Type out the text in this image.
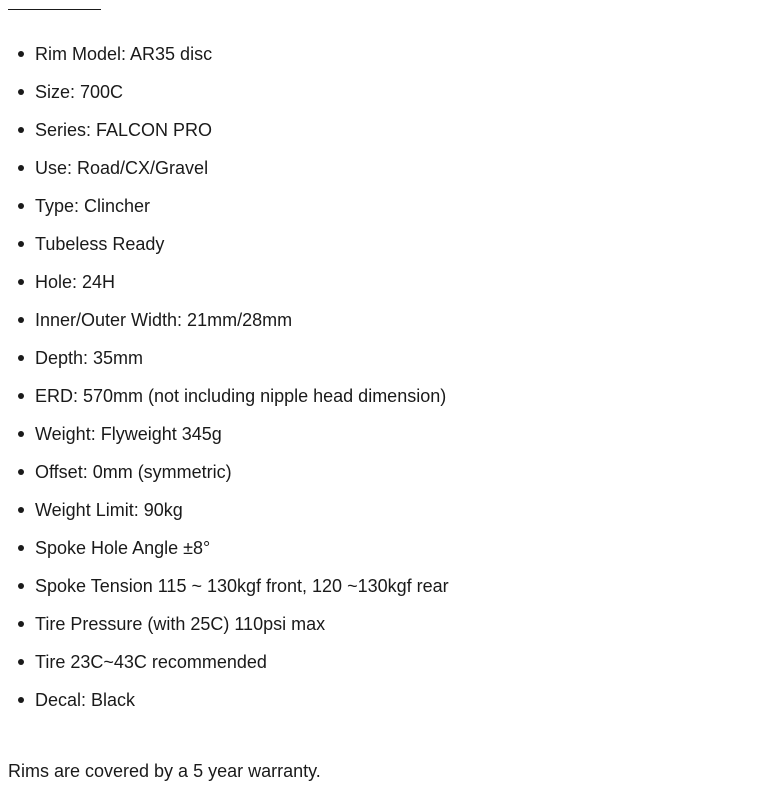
Rim Model: AR35 disc
Size: 700C
Series: FALCON PRO
Use: Road/CX/Gravel
Type: Clincher
Tubeless Ready
Hole: 24H
Inner/Outer Width: 21mm/28mm
Depth: 35mm
ERD: 570mm (not including nipple head dimension)
Weight: Flyweight 345g
Offset: 0mm (symmetric)
Weight Limit: 90kg
Spoke Hole Angle ±8°
Spoke Tension 115 ~ 130kgf front, 120 ~130kgf rear
Tire Pressure (with 25C) 110psi max
Tire 23C~43C recommended
Decal: Black

Rims are covered by a 5 year warranty.
